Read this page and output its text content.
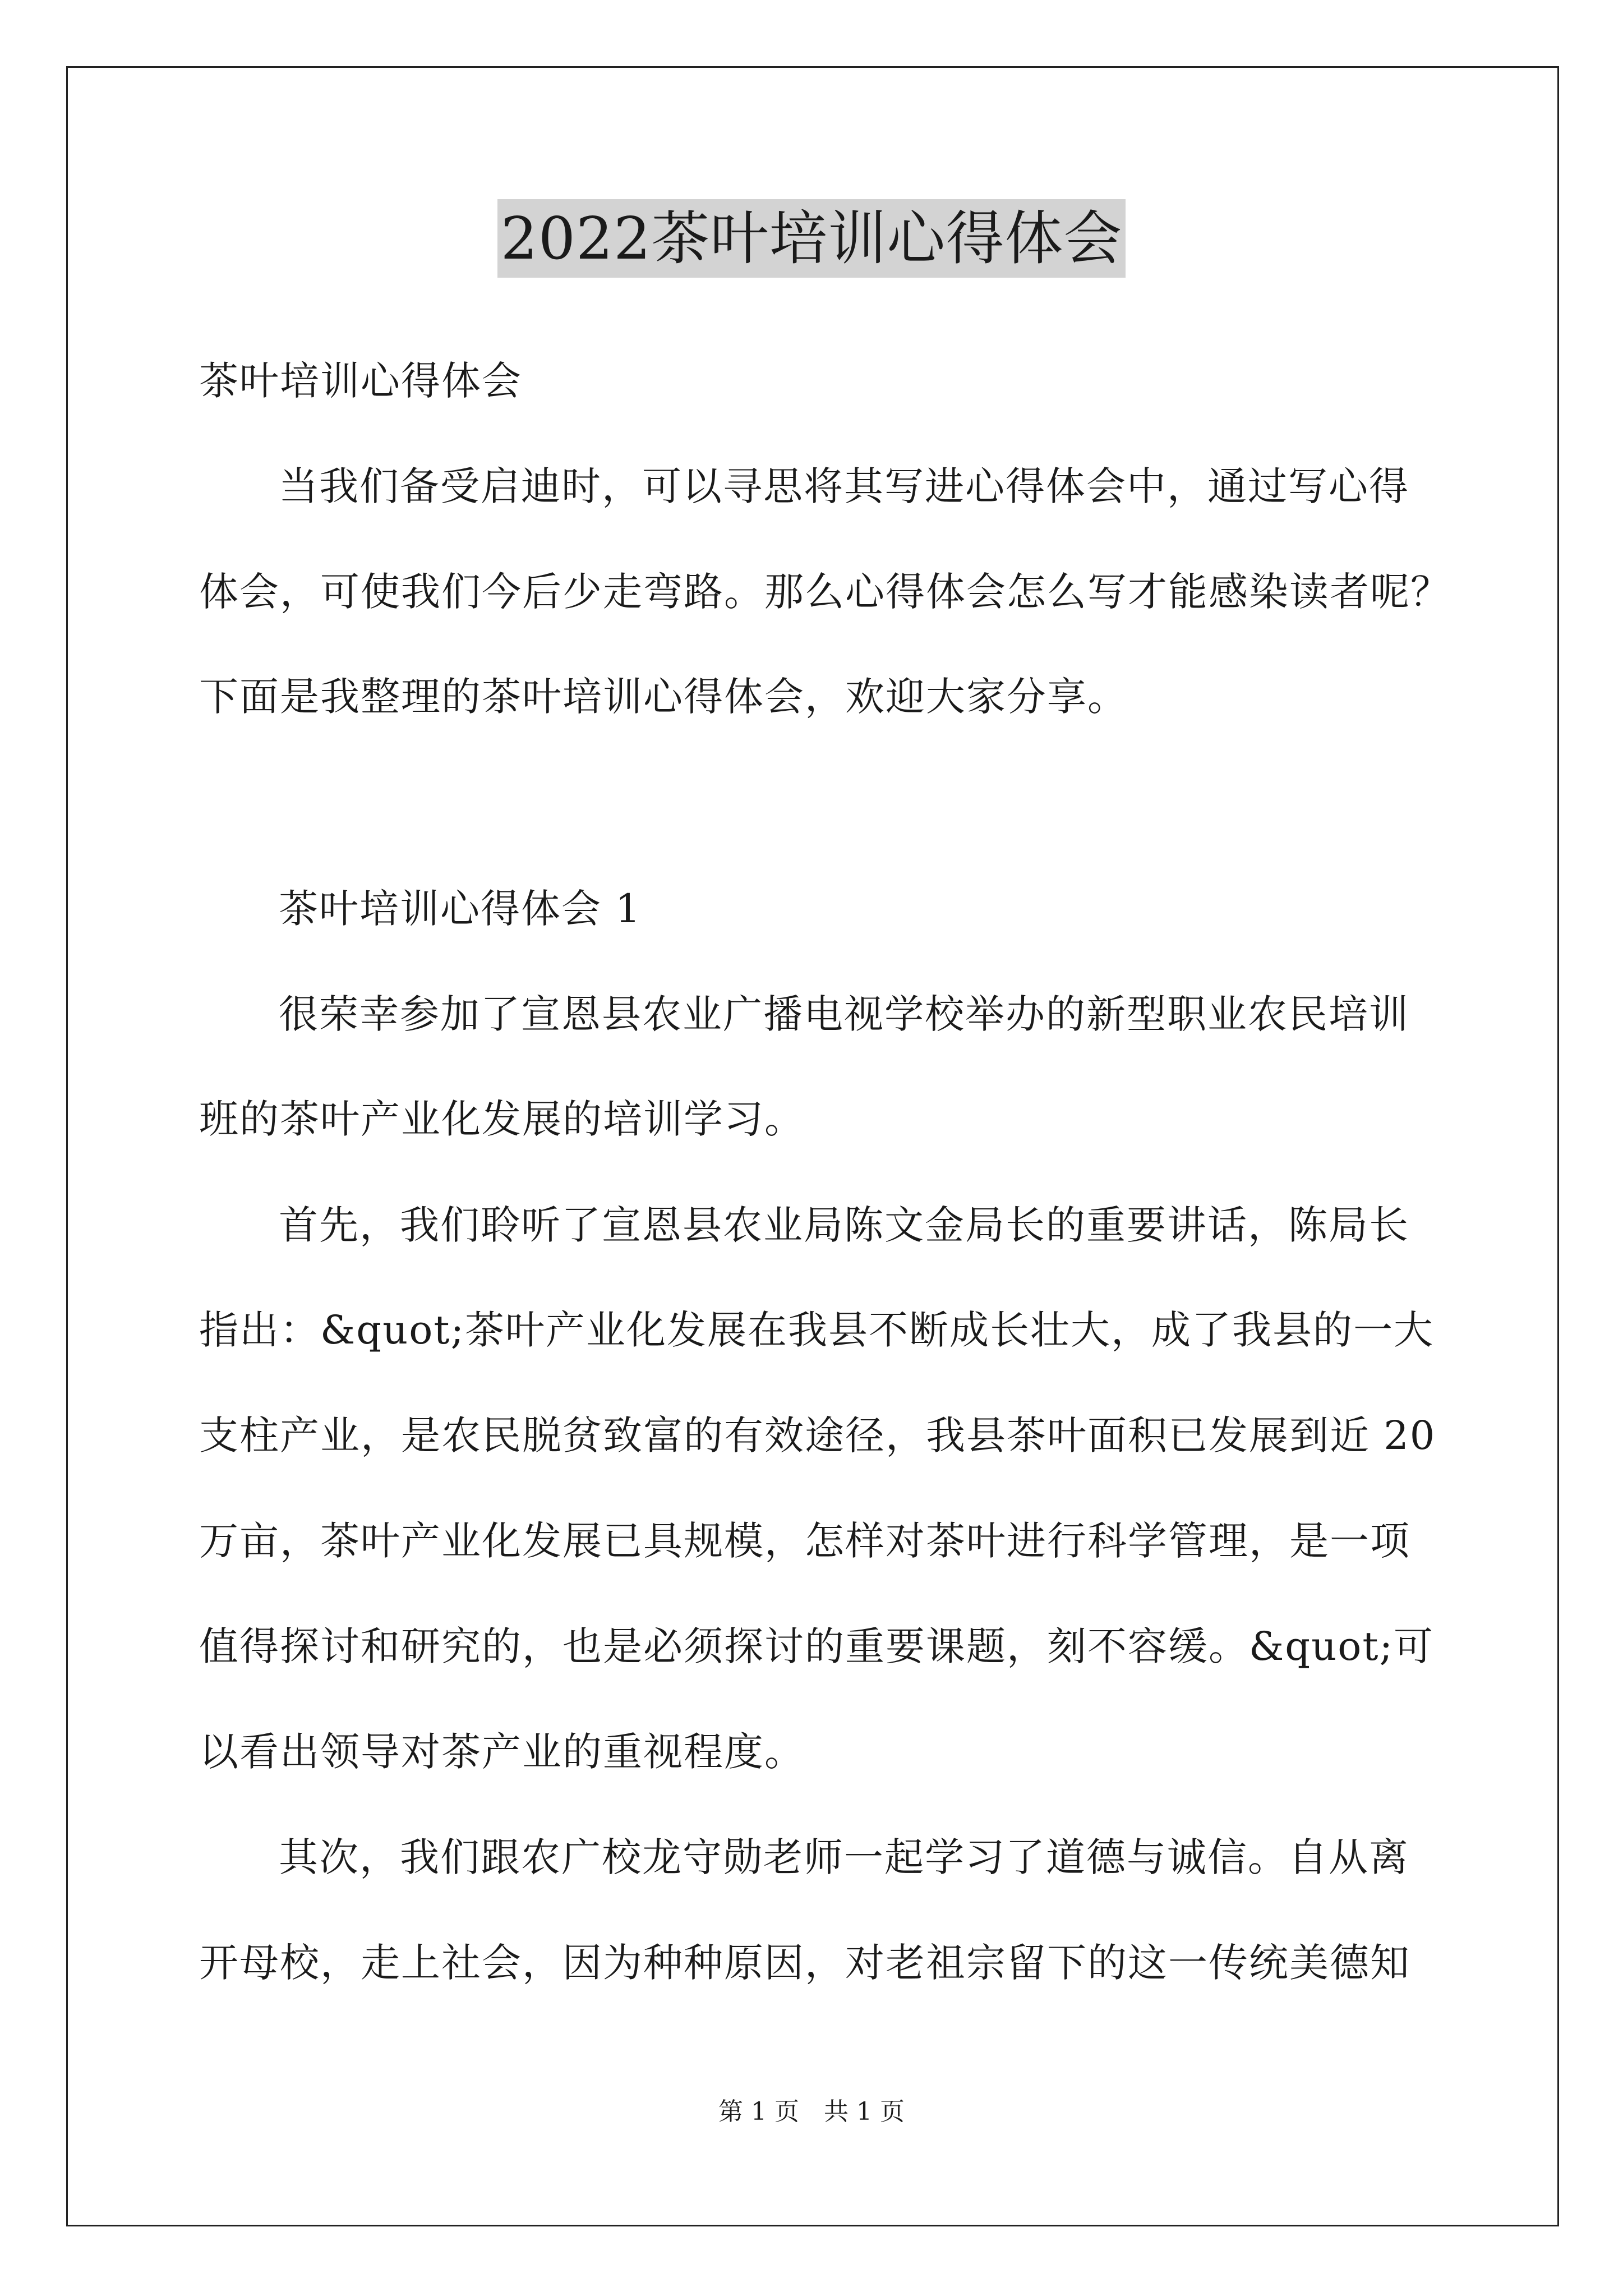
2022茶叶培训心得体会

茶叶培训心得体会

当我们备受启迪时，可以寻思将其写进心得体会中，通过写心得

体会，可使我们今后少走弯路。那么心得体会怎么写才能感染读者呢？

下面是我整理的茶叶培训心得体会，欢迎大家分享。

茶叶培训心得体会 1

很荣幸参加了宣恩县农业广播电视学校举办的新型职业农民培训

班的茶叶产业化发展的培训学习。

首先，我们聆听了宣恩县农业局陈文金局长的重要讲话，陈局长

指出：&quot;茶叶产业化发展在我县不断成长壮大，成了我县的一大

支柱产业，是农民脱贫致富的有效途径，我县茶叶面积已发展到近 20

万亩，茶叶产业化发展已具规模，怎样对茶叶进行科学管理，是一项

值得探讨和研究的，也是必须探讨的重要课题，刻不容缓。&quot;可

以看出领导对茶产业的重视程度。

其次，我们跟农广校龙守勋老师一起学习了道德与诚信。自从离

开母校，走上社会，因为种种原因，对老祖宗留下的这一传统美德知

第 1 页　共 1 页
